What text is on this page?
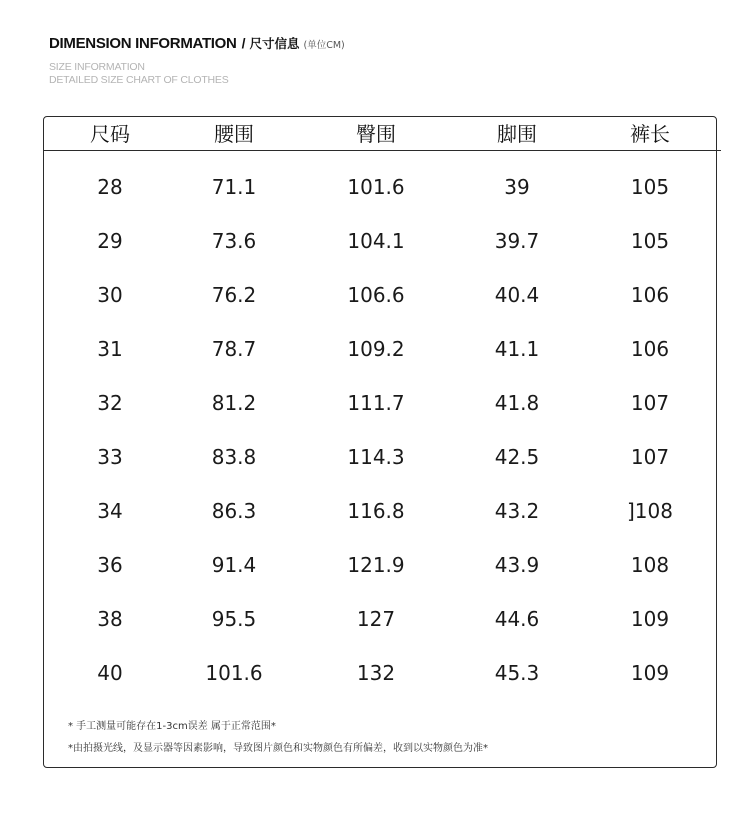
DIMENSION INFORMATION / 尺寸信息 (单位CM)
SIZE INFORMATION
DETAILED SIZE CHART OF CLOTHES
尺码	腰围	臀围	脚围	裤长
28	71.1	101.6	39	105
29	73.6	104.1	39.7	105
30	76.2	106.6	40.4	106
31	78.7	109.2	41.1	106
32	81.2	111.7	41.8	107
33	83.8	114.3	42.5	107
34	86.3	116.8	43.2	]108
36	91.4	121.9	43.9	108
38	95.5	127	44.6	109
40	101.6	132	45.3	109
* 手工测量可能存在1-3cm误差 属于正常范围*
*由拍摄光线，及显示器等因素影响，导致图片颜色和实物颜色有所偏差，收到以实物颜色为准*
